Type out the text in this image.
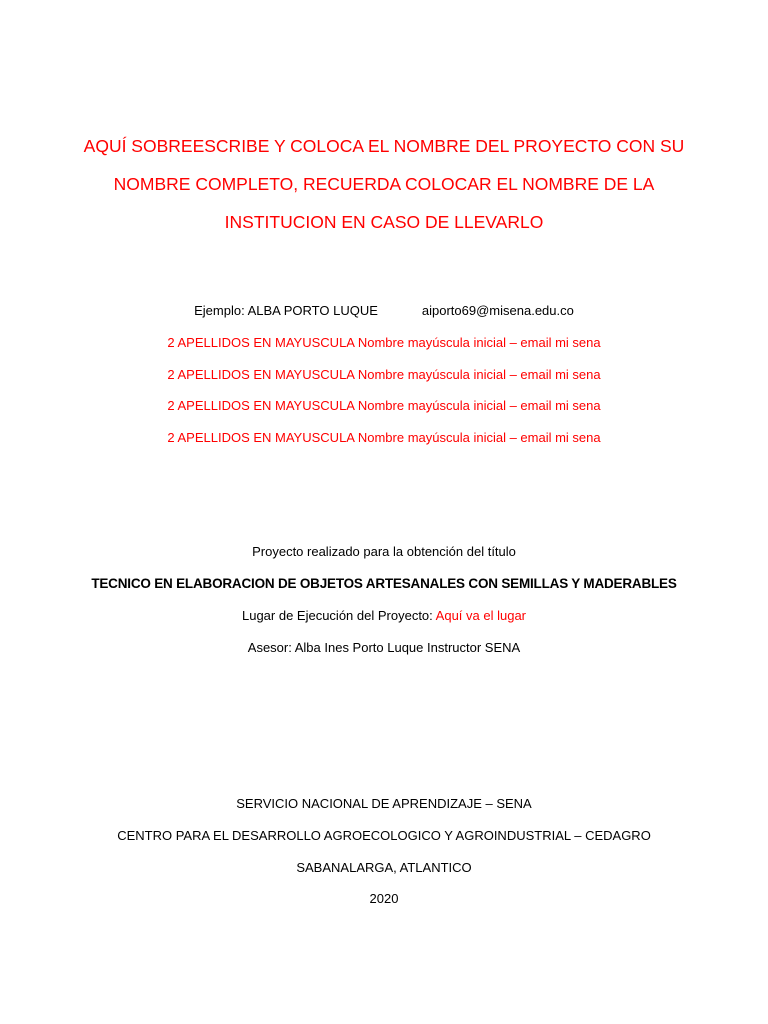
AQUÍ SOBREESCRIBE Y COLOCA EL NOMBRE DEL PROYECTO CON SU
NOMBRE COMPLETO, RECUERDA COLOCAR EL NOMBRE DE LA
INSTITUCION EN CASO DE LLEVARLO
Ejemplo: ALBA PORTO LUQUE	aiporto69@misena.edu.co
2 APELLIDOS EN MAYUSCULA Nombre mayúscula inicial – email mi sena
2 APELLIDOS EN MAYUSCULA Nombre mayúscula inicial – email mi sena
2 APELLIDOS EN MAYUSCULA Nombre mayúscula inicial – email mi sena
2 APELLIDOS EN MAYUSCULA Nombre mayúscula inicial – email mi sena
Proyecto realizado para la obtención del título
TECNICO EN ELABORACION DE OBJETOS ARTESANALES CON SEMILLAS Y MADERABLES
Lugar de Ejecución del Proyecto: Aquí va el lugar
Asesor: Alba Ines Porto Luque Instructor SENA
SERVICIO NACIONAL DE APRENDIZAJE – SENA
CENTRO PARA EL DESARROLLO AGROECOLOGICO Y AGROINDUSTRIAL – CEDAGRO
SABANALARGA, ATLANTICO
2020
